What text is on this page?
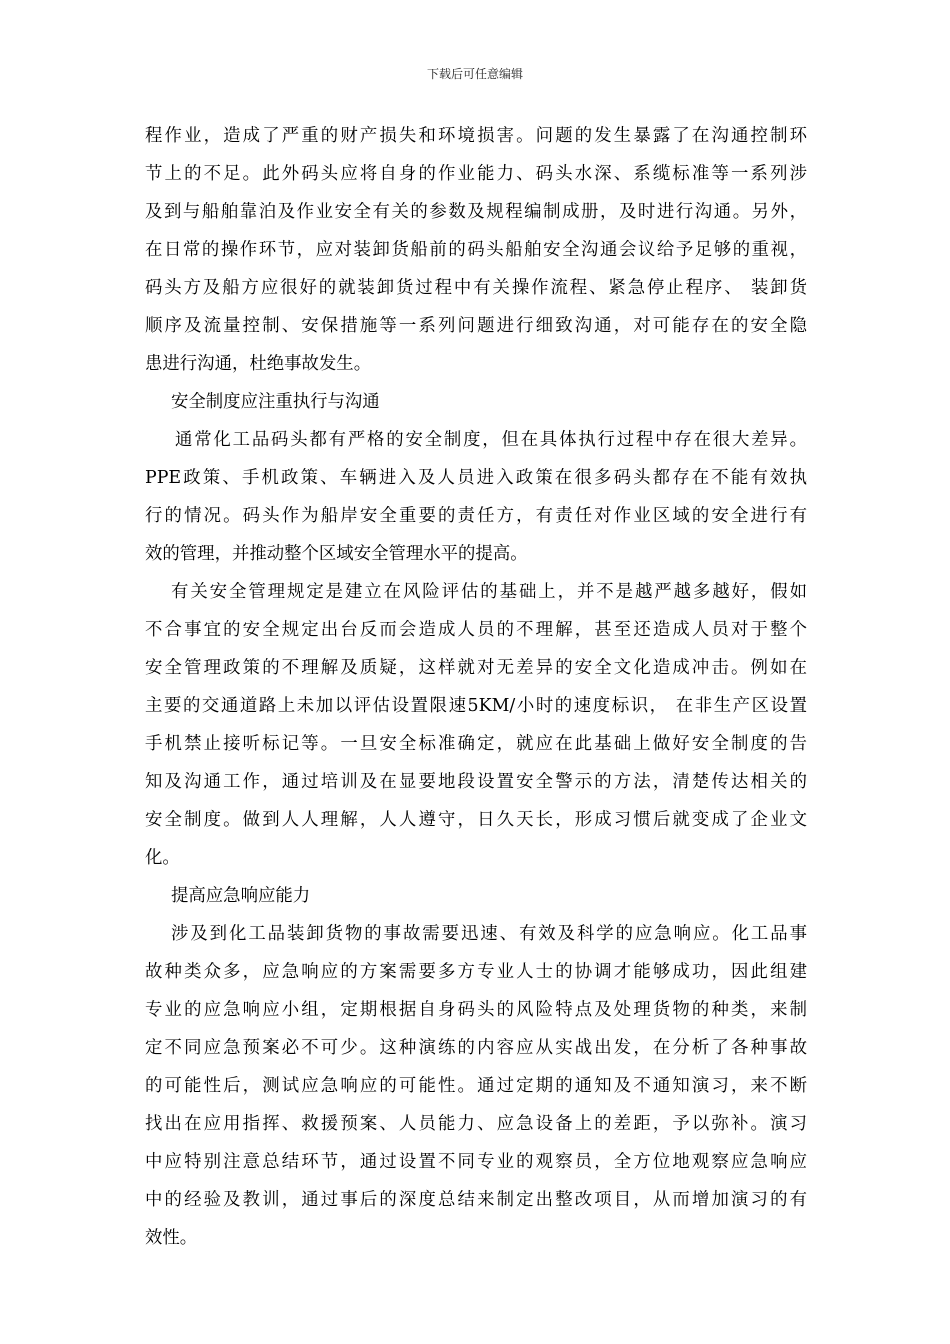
下载后可任意编辑
程作业，造成了严重的财产损失和环境损害。问题的发生暴露了在沟通控制环
节上的不足。此外码头应将自身的作业能力、码头水深、系缆标准等一系列涉
及到与船舶靠泊及作业安全有关的参数及规程编制成册，及时进行沟通。另外，
在日常的操作环节，应对装卸货船前的码头船舶安全沟通会议给予足够的重视，
码头方及船方应很好的就装卸货过程中有关操作流程、紧急停止程序、 装卸货
顺序及流量控制、安保措施等一系列问题进行细致沟通，对可能存在的安全隐
患进行沟通，杜绝事故发生。
安全制度应注重执行与沟通
通常化工品码头都有严格的安全制度，但在具体执行过程中存在很大差异。
PPE政策、手机政策、车辆进入及人员进入政策在很多码头都存在不能有效执
行的情况。码头作为船岸安全重要的责任方，有责任对作业区域的安全进行有
效的管理，并推动整个区域安全管理水平的提高。
有关安全管理规定是建立在风险评估的基础上，并不是越严越多越好，假如
不合事宜的安全规定出台反而会造成人员的不理解，甚至还造成人员对于整个
安全管理政策的不理解及质疑，这样就对无差异的安全文化造成冲击。例如在
主要的交通道路上未加以评估设置限速5KM/小时的速度标识， 在非生产区设置
手机禁止接听标记等。一旦安全标准确定，就应在此基础上做好安全制度的告
知及沟通工作，通过培训及在显要地段设置安全警示的方法，清楚传达相关的
安全制度。做到人人理解，人人遵守，日久天长，形成习惯后就变成了企业文
化。
提高应急响应能力
涉及到化工品装卸货物的事故需要迅速、有效及科学的应急响应。化工品事
故种类众多，应急响应的方案需要多方专业人士的协调才能够成功，因此组建
专业的应急响应小组，定期根据自身码头的风险特点及处理货物的种类，来制
定不同应急预案必不可少。这种演练的内容应从实战出发，在分析了各种事故
的可能性后，测试应急响应的可能性。通过定期的通知及不通知演习，来不断
找出在应用指挥、救援预案、人员能力、应急设备上的差距，予以弥补。演习
中应特别注意总结环节，通过设置不同专业的观察员，全方位地观察应急响应
中的经验及教训，通过事后的深度总结来制定出整改项目，从而增加演习的有
效性。
